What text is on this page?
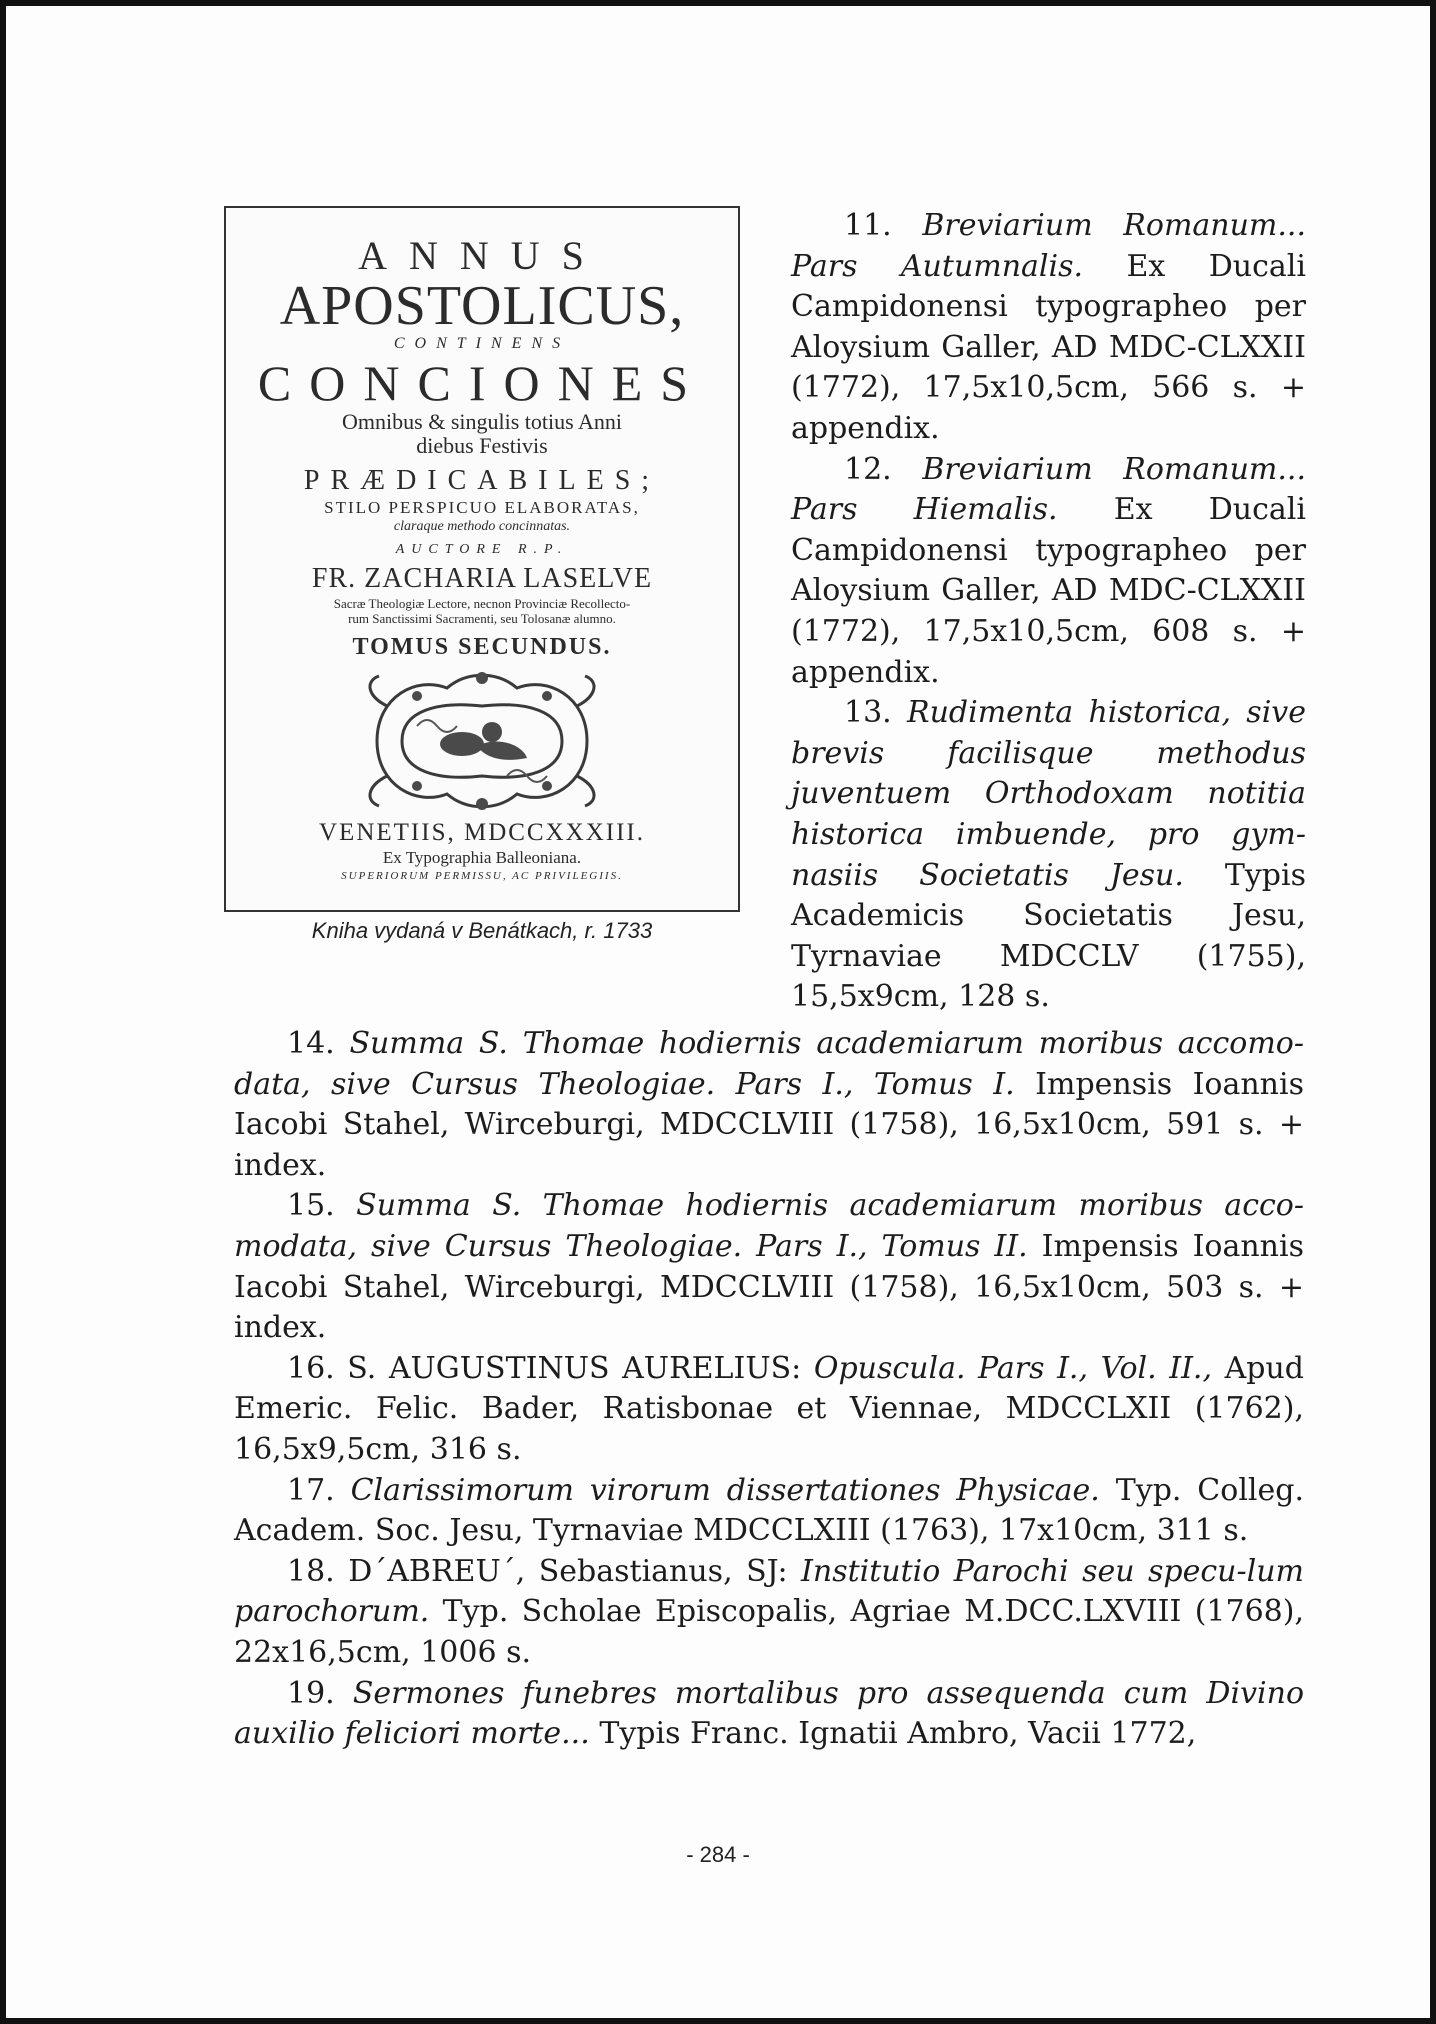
ANNUS
APOSTOLICUS,
CONTINENS
CONCIONES
Omnibus & singulis totius Anni
diebus Festivis
PRÆDICABILES;
STILO PERSPICUO ELABORATAS,
claraque methodo concinnatas.
AUCTORE R.P.
FR. ZACHARIA LASELVE
Sacræ Theologiæ Lectore, necnon Provinciæ Recollecto-
rum Sanctissimi Sacramenti, seu Tolosanæ alumno.
TOMUS SECUNDUS.
VENETIIS, MDCCXXXIII.
Ex Typographia Balleoniana.
SUPERIORUM PERMISSU, AC PRIVILEGIIS.
Kniha vydaná v Benátkach, r. 1733
11. Breviarium Romanum... Pars Autumnalis. Ex Ducali Campidonensi typographeo per Aloysium Galler, AD MDC-CLXXII (1772), 17,5x10,5cm, 566 s. + appendix.
12. Breviarium Romanum... Pars Hiemalis. Ex Ducali Campidonensi typographeo per Aloysium Galler, AD MDC-CLXXII (1772), 17,5x10,5cm, 608 s. + appendix.
13. Rudimenta historica, sive brevis facilisque methodus juventuem Orthodoxam notitia historica imbuende, pro gym-nasiis Societatis Jesu. Typis Academicis Societatis Jesu, Tyrnaviae MDCCLV (1755), 15,5x9cm, 128 s.
14. Summa S. Thomae hodiernis academiarum moribus accomo-data, sive Cursus Theologiae. Pars I., Tomus I. Impensis Ioannis Iacobi Stahel, Wirceburgi, MDCCLVIII (1758), 16,5x10cm, 591 s. + index.
15. Summa S. Thomae hodiernis academiarum moribus acco-modata, sive Cursus Theologiae. Pars I., Tomus II. Impensis Ioannis Iacobi Stahel, Wirceburgi, MDCCLVIII (1758), 16,5x10cm, 503 s. + index.
16. S. AUGUSTINUS AURELIUS: Opuscula. Pars I., Vol. II., Apud Emeric. Felic. Bader, Ratisbonae et Viennae, MDCCLXII (1762), 16,5x9,5cm, 316 s.
17. Clarissimorum virorum dissertationes Physicae. Typ. Colleg. Academ. Soc. Jesu, Tyrnaviae MDCCLXIII (1763), 17x10cm, 311 s.
18. D´ABREU´, Sebastianus, SJ: Institutio Parochi seu specu-lum parochorum. Typ. Scholae Episcopalis, Agriae M.DCC.LXVIII (1768), 22x16,5cm, 1006 s.
19. Sermones funebres mortalibus pro assequenda cum Divino auxilio feliciori morte... Typis Franc. Ignatii Ambro, Vacii 1772,
- 284 -
